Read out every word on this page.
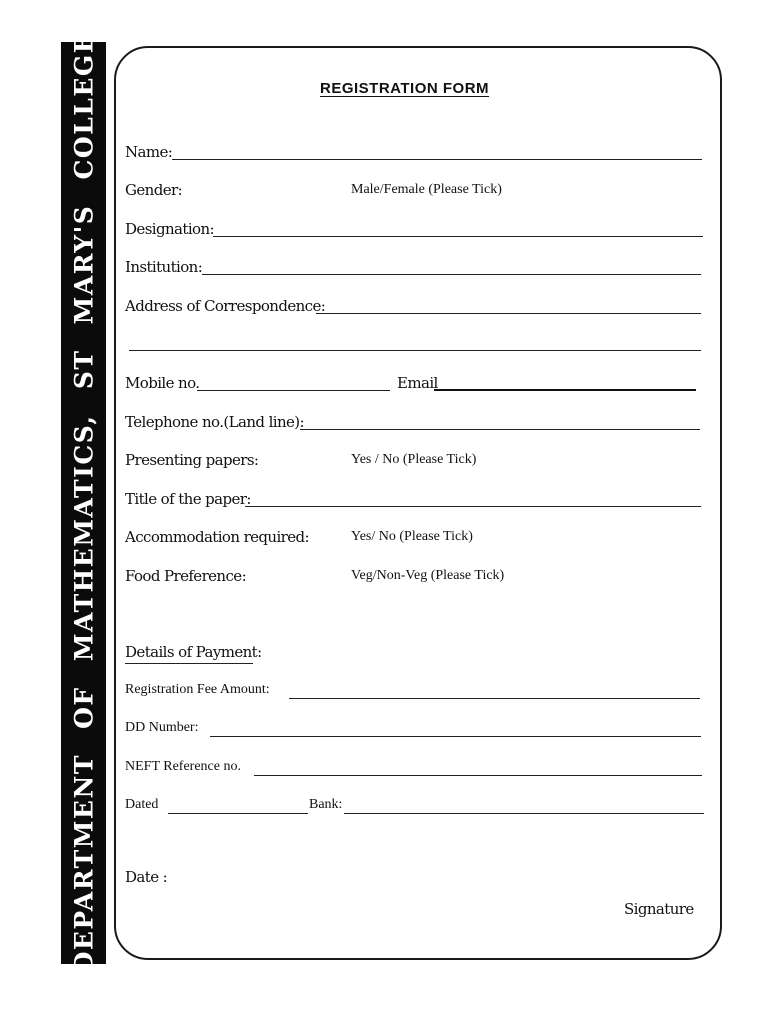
DEPARTMENT OF MATHEMATICS, ST MARY'S COLLEGE	REGISTRATION FORM
Name:
Gender:	Male/Female (Please Tick)
Designation:
Institution:
Address of Correspondence:
Mobile no.	Email
Telephone no.(Land line):
Presenting papers:	Yes / No (Please Tick)
Title of the paper:
Accommodation required:	Yes/ No (Please Tick)
Food Preference:	Veg/Non-Veg (Please Tick)
Details of Payment:
Registration Fee Amount:
DD Number:
NEFT Reference no.
Dated	Bank:
Date :
Signature
